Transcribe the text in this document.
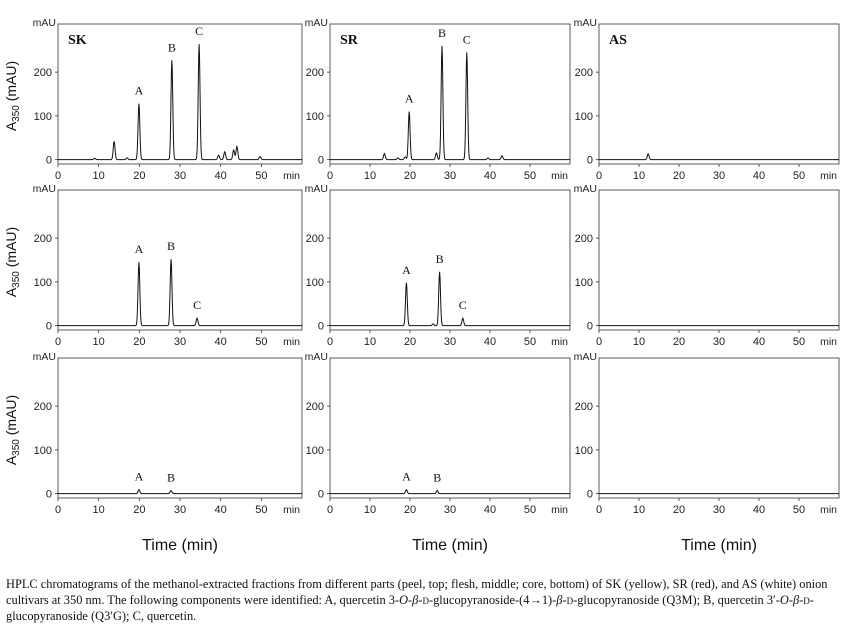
0
100
200
mAU
0	10	20	30	40	50 min
A
B
C
SK
0
100
200
mAU
0	10	20	30	40	50 min
A
B C
SR
0
100
200
mAU
0	10	20	30	40	50 min
AS
0
100
200
mAU
0	10	20	30	40	50 min
A B
C
0
100
200
mAU
0	10	20	30	40	50 min
A
B
C
0
100
200
mAU
0	10	20	30	40	50 min
0
100
200
mAU
0	10	20	30	40	50 min
A B
0
100
200
mAU
0	10	20	30	40	50 min
A B
0
100
200
mAU
0	10	20	30	40	50 min
$A_{350}$ (mAU)
$A_{350}$ (mAU)
$A_{350}$ (mAU)
Time (min)	Time (min)	Time (min)

HPLC chromatograms of the methanol-extracted fractions from different parts (peel, top; flesh, middle; core, bottom) of SK (yellow), SR (red), and AS (white) onion cultivars at 350 nm. The following components were identified: A, quercetin 3-O-β-d-glucopyranoside-(4→1)-β-d-glucopyranoside (Q3M); B, quercetin 3′-O-β-d-glucopyranoside (Q3′G); C, quercetin.
